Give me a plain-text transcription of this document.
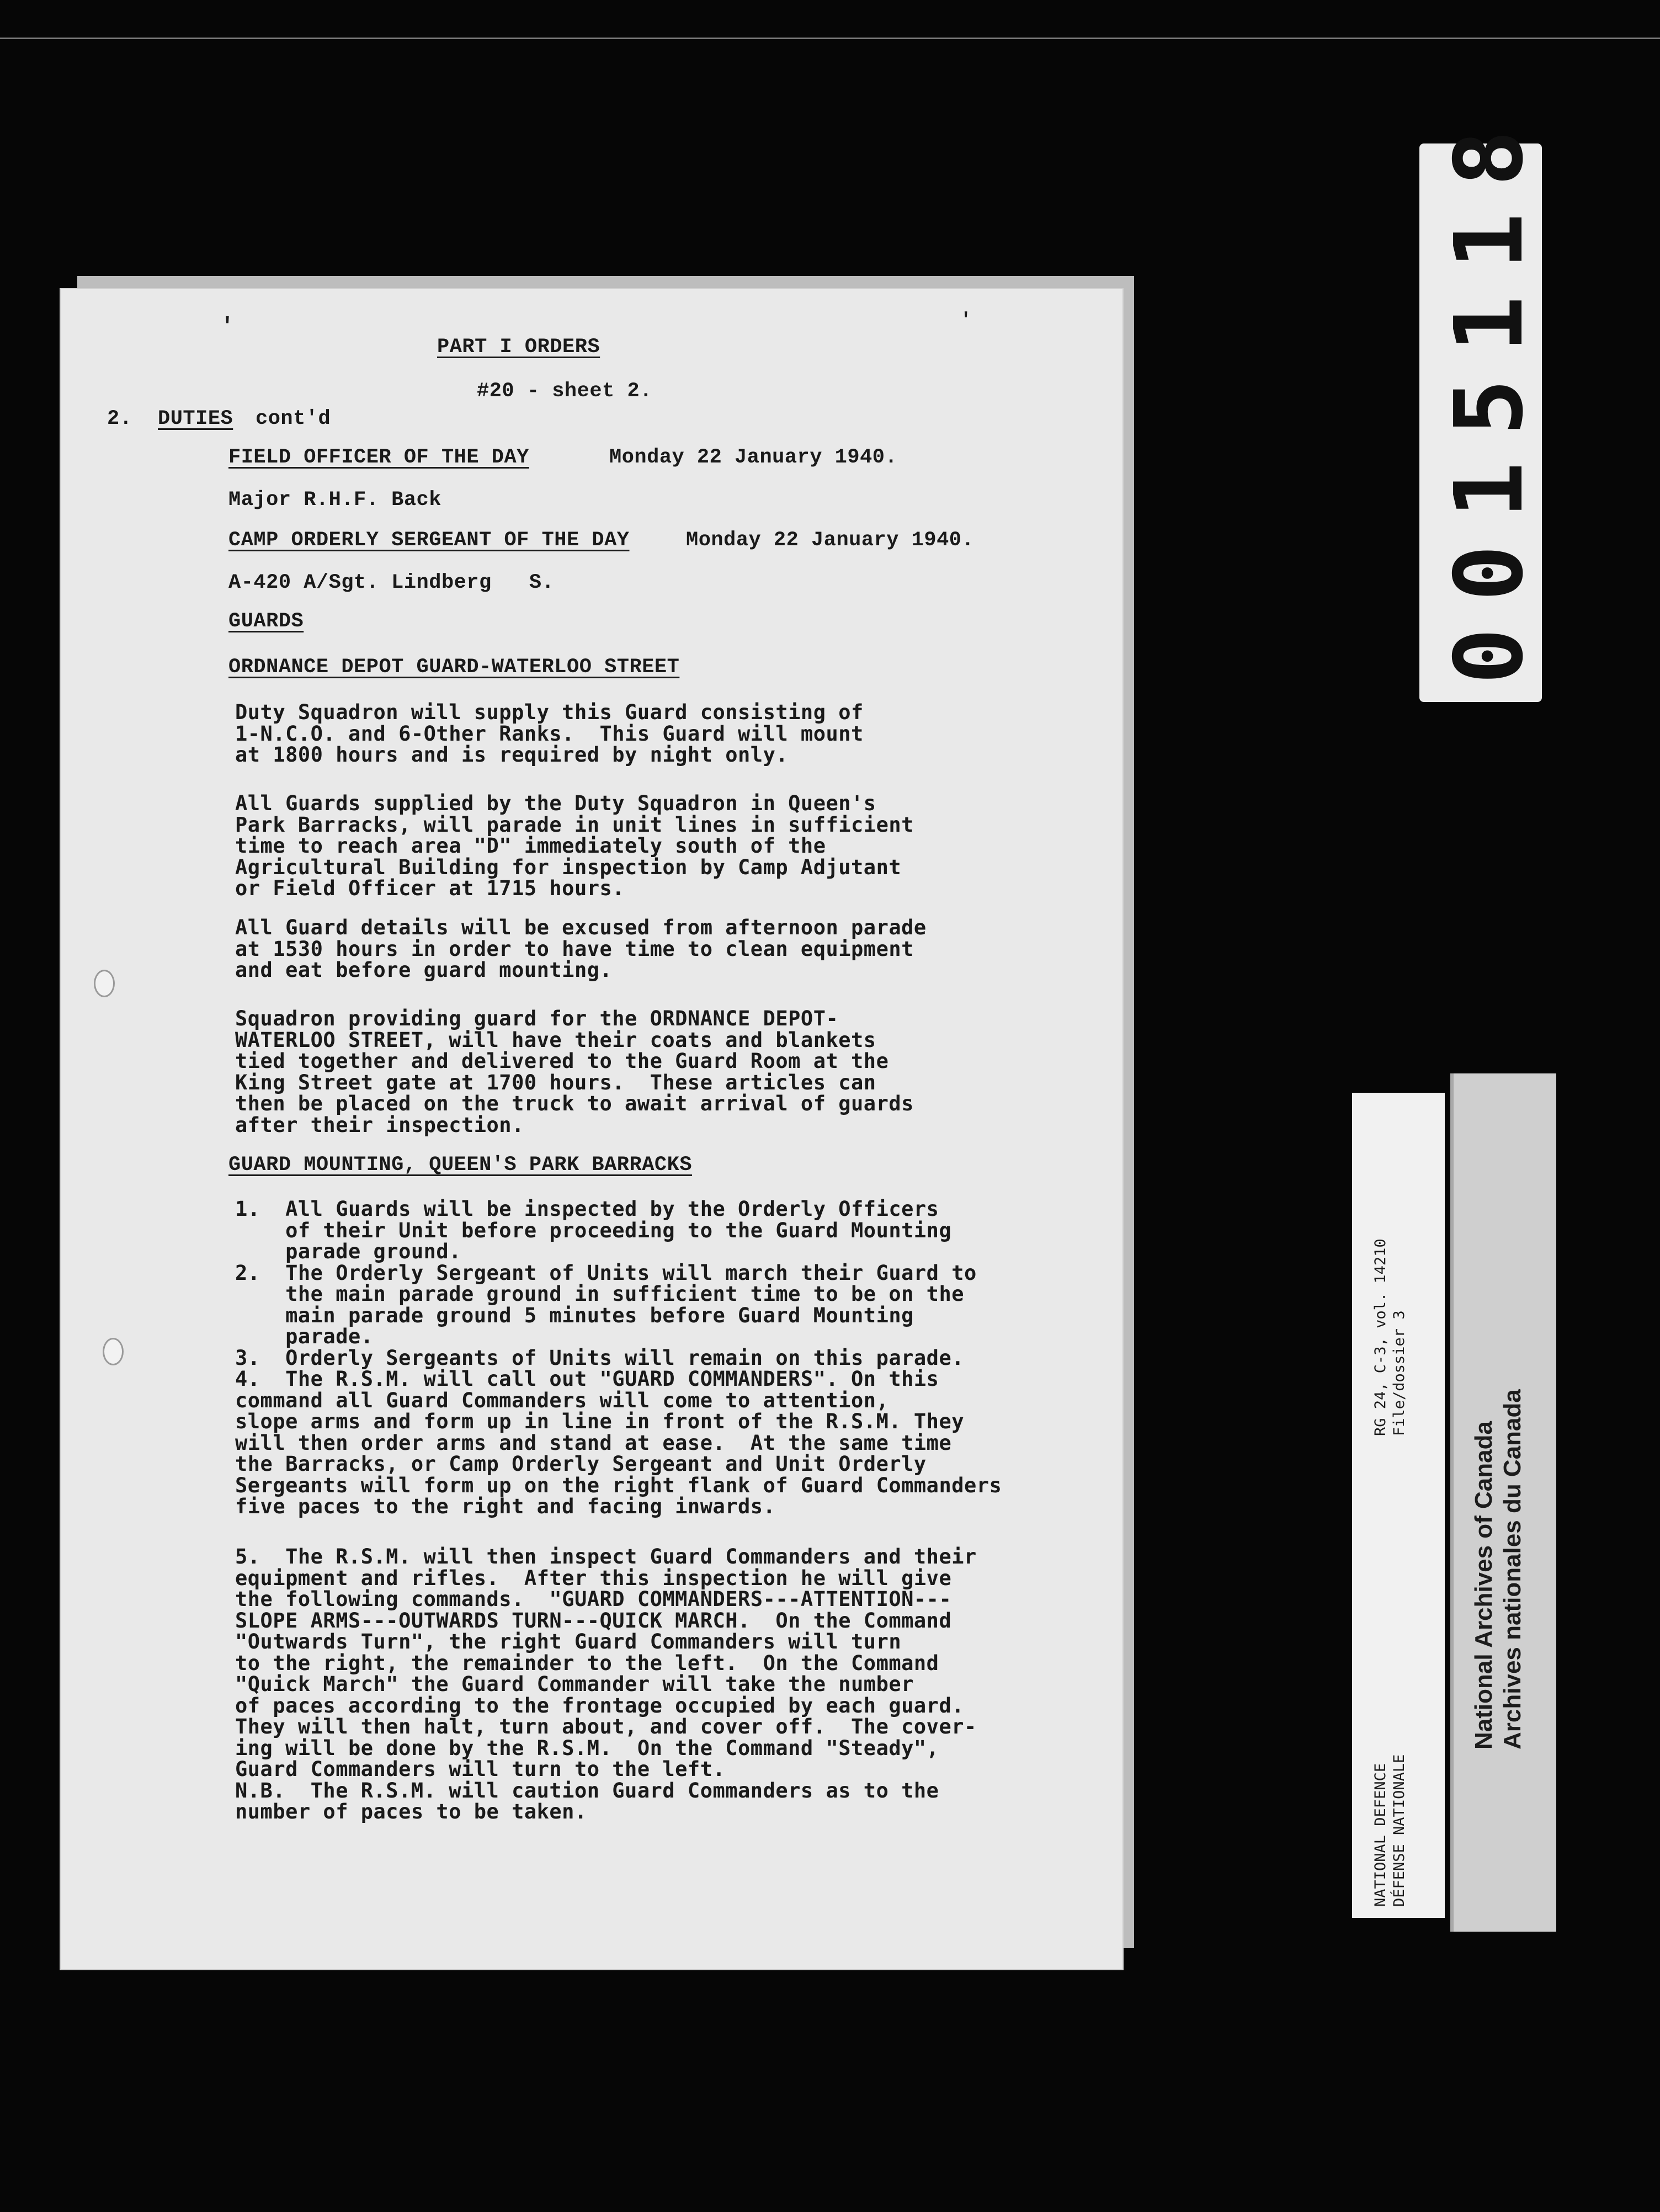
'	'
PART I ORDERS
#20 - sheet 2.
2. DUTIES cont'd
FIELD OFFICER OF THE DAY	Monday 22 January 1940.
Major R.H.F. Back
CAMP ORDERLY SERGEANT OF THE DAY	Monday 22 January 1940.
A-420 A/Sgt. Lindberg   S.
GUARDS
ORDNANCE DEPOT GUARD-WATERLOO STREET
Duty Squadron will supply this Guard consisting of
1-N.C.O. and 6-Other Ranks.  This Guard will mount
at 1800 hours and is required by night only.
All Guards supplied by the Duty Squadron in Queen's
Park Barracks, will parade in unit lines in sufficient
time to reach area "D" immediately south of the
Agricultural Building for inspection by Camp Adjutant
or Field Officer at 1715 hours.
All Guard details will be excused from afternoon parade
at 1530 hours in order to have time to clean equipment
and eat before guard mounting.
Squadron providing guard for the ORDNANCE DEPOT-
WATERLOO STREET, will have their coats and blankets
tied together and delivered to the Guard Room at the
King Street gate at 1700 hours.  These articles can
then be placed on the truck to await arrival of guards
after their inspection.
GUARD MOUNTING, QUEEN'S PARK BARRACKS
1.  All Guards will be inspected by the Orderly Officers
of their Unit before proceeding to the Guard Mounting
parade ground.
2.  The Orderly Sergeant of Units will march their Guard to
the main parade ground in sufficient time to be on the
main parade ground 5 minutes before Guard Mounting
parade.
3.  Orderly Sergeants of Units will remain on this parade.
4.  The R.S.M. will call out "GUARD COMMANDERS". On this
command all Guard Commanders will come to attention,
slope arms and form up in line in front of the R.S.M. They
will then order arms and stand at ease.  At the same time
the Barracks, or Camp Orderly Sergeant and Unit Orderly
Sergeants will form up on the right flank of Guard Commanders
five paces to the right and facing inwards.
5.  The R.S.M. will then inspect Guard Commanders and their
equipment and rifles.  After this inspection he will give
the following commands.  "GUARD COMMANDERS---ATTENTION---
SLOPE ARMS---OUTWARDS TURN---QUICK MARCH.  On the Command
"Outwards Turn", the right Guard Commanders will turn
to the right, the remainder to the left.  On the Command
"Quick March" the Guard Commander will take the number
of paces according to the frontage occupied by each guard.
They will then halt, turn about, and cover off.  The cover-
ing will be done by the R.S.M.  On the Command "Steady",
Guard Commanders will turn to the left.
N.B.  The R.S.M. will caution Guard Commanders as to the
number of paces to be taken.
0015118
RG 24, C-3, vol. 14210 File/dossier 3
NATIONAL DEFENCE DÉFENSE NATIONALE
National Archives of Canada Archives nationales du Canada
